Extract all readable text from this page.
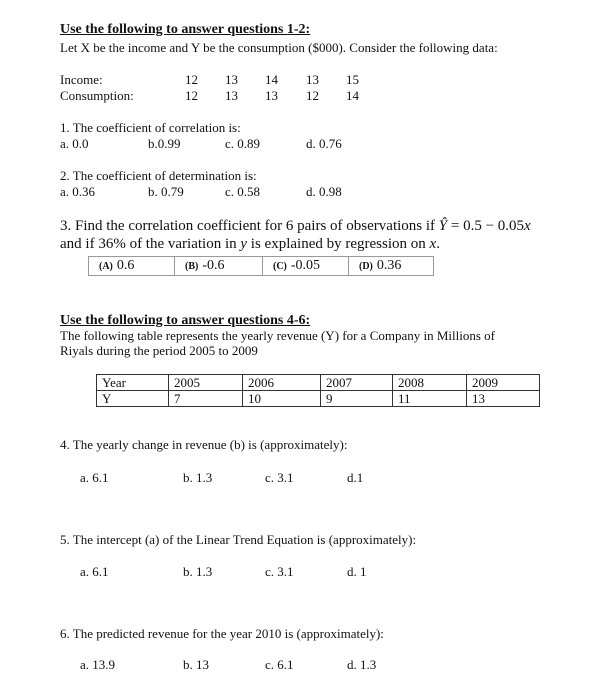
Use the following to answer questions 1-2:
Let X be the income and Y be the consumption ($000). Consider the following data:
Income:	12 13 14 13 15
Consumption:	12 13 13 12 14
1. The coefficient of correlation is:
a. 0.0	b.0.99	c. 0.89	d. 0.76
2. The coefficient of determination is:
a. 0.36	b. 0.79	c. 0.58	d. 0.98
3. Find the correlation coefficient for 6 pairs of observations if Ŷ = 0.5 − 0.05x
and if 36% of the variation in y is explained by regression on x.
(A) 0.6	(B) -0.6	(C) -0.05	(D) 0.36
Use the following to answer questions 4-6:
The following table represents the yearly revenue (Y) for a Company in Millions of
Riyals during the period 2005 to 2009
Year	2005	2006	2007	2008	2009
Y	7	10	9	11	13
4. The yearly change in revenue (b) is (approximately):
a. 6.1	b. 1.3	c. 3.1	d.1
5. The intercept (a) of the Linear Trend Equation is (approximately):
a. 6.1	b. 1.3	c. 3.1	d. 1
6. The predicted revenue for the year 2010 is (approximately):
a. 13.9	b. 13	c. 6.1	d. 1.3
